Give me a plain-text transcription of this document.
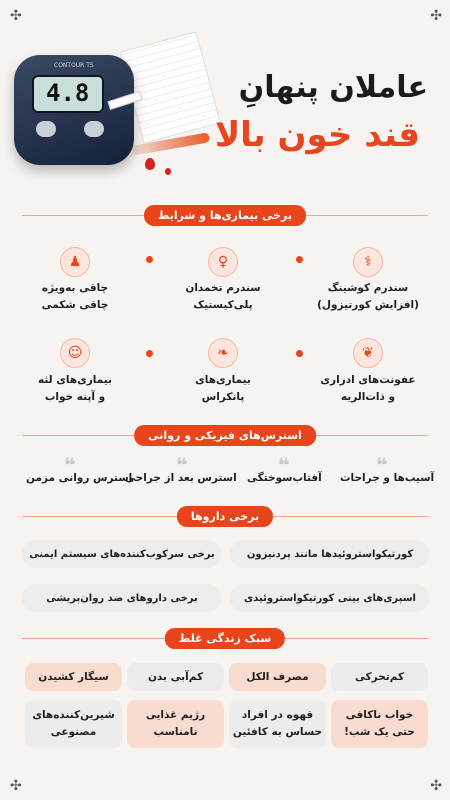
✣	✣
✣	✣
CONTOUR TS
4.8	عاملان پنهانِ
قند خون بالا
برخی بیماری‌ها و شرایط
⚕
سندرم کوشینگ
(افزایش کورتیزول)
♀
سندرم تخمدان
پلی‌کیستیک
♟
چاقی به‌ویژه
چاقی شکمی
❦
عفونت‌های ادراری
و ذات‌الریه
❧
بیماری‌های
پانکراس
☺
بیماری‌های لثه
و آپنه خواب
استرس‌های فیزیکی و روانی
❝
آسیب‌ها و جراحات
❝
آفتاب‌سوختگی
❝
استرس بعد از جراحی
❝
استرس روانی مزمن
برخی داروها
کورتیکواستروئیدها مانند پردنیزون
برخی سرکوب‌کننده‌های سیستم ایمنی
اسپری‌های بینی کورتیکواستروئیدی
برخی داروهای ضد روان‌پریشی
سبک زندگی غلط
کم‌تحرکی
مصرف الکل
کم‌آبی بدن
سیگار کشیدن
خواب ناکافی
حتی یک شب!
قهوه در افراد
حساس به کافئین
رژیم غذایی
نامناسب
شیرین‌کننده‌های
مصنوعی
